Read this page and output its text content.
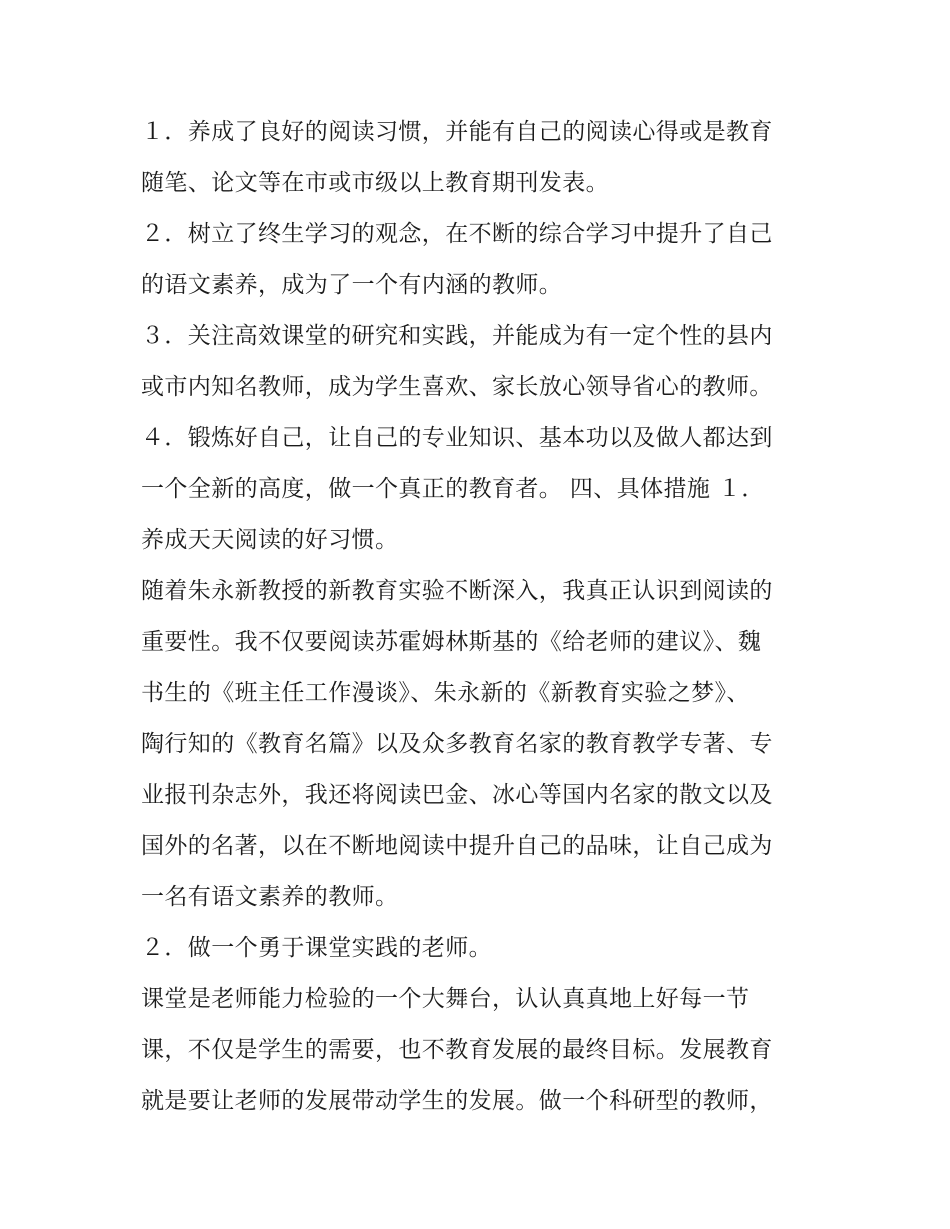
１．养成了良好的阅读习惯，并能有自己的阅读心得或是教育
随笔、论文等在市或市级以上教育期刊发表。
２．树立了终生学习的观念，在不断的综合学习中提升了自己
的语文素养，成为了一个有内涵的教师。
３．关注高效课堂的研究和实践，并能成为有一定个性的县内
或市内知名教师，成为学生喜欢、家长放心领导省心的教师。
４．锻炼好自己，让自己的专业知识、基本功以及做人都达到
一个全新的高度，做一个真正的教育者。 四、具体措施 １．
养成天天阅读的好习惯。
随着朱永新教授的新教育实验不断深入，我真正认识到阅读的
重要性。我不仅要阅读苏霍姆林斯基的《给老师的建议》、魏
书生的《班主任工作漫谈》、朱永新的《新教育实验之梦》、
陶行知的《教育名篇》以及众多教育名家的教育教学专著、专
业报刊杂志外，我还将阅读巴金、冰心等国内名家的散文以及
国外的名著，以在不断地阅读中提升自己的品味，让自己成为
一名有语文素养的教师。
２．做一个勇于课堂实践的老师。
课堂是老师能力检验的一个大舞台，认认真真地上好每一节
课，不仅是学生的需要，也不教育发展的最终目标。发展教育
就是要让老师的发展带动学生的发展。做一个科研型的教师，
